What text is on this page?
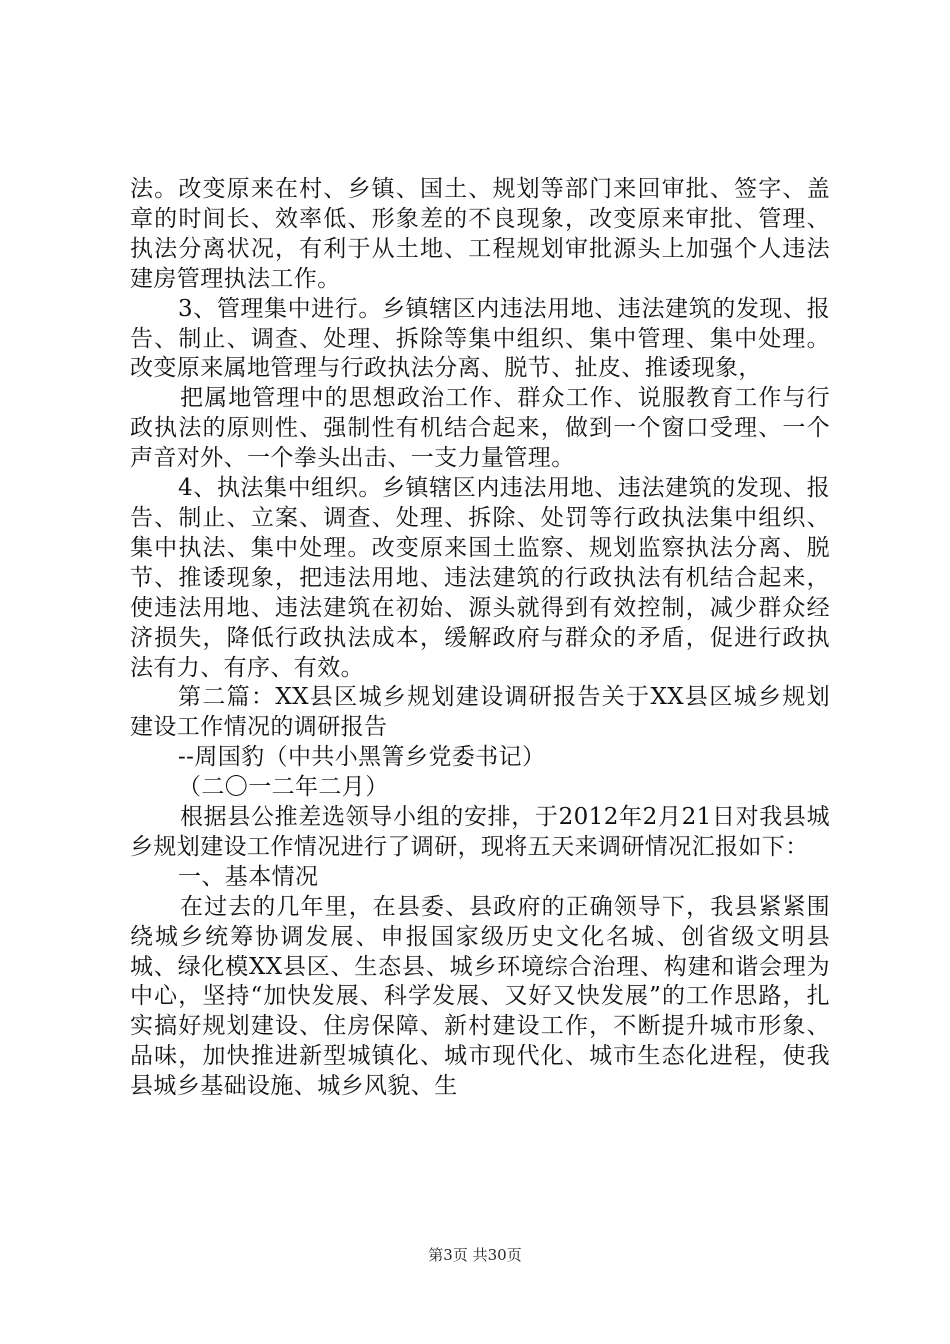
法。改变原来在村、乡镇、国土、规划等部门来回审批、签字、盖章的时间长、效率低、形象差的不良现象，改变原来审批、管理、执法分离状况，有利于从土地、工程规划审批源头上加强个人违法建房管理执法工作。

3、管理集中进行。乡镇辖区内违法用地、违法建筑的发现、报告、制止、调查、处理、拆除等集中组织、集中管理、集中处理。改变原来属地管理与行政执法分离、脱节、扯皮、推诿现象，

把属地管理中的思想政治工作、群众工作、说服教育工作与行政执法的原则性、强制性有机结合起来，做到一个窗口受理、一个声音对外、一个拳头出击、一支力量管理。

4、执法集中组织。乡镇辖区内违法用地、违法建筑的发现、报告、制止、立案、调查、处理、拆除、处罚等行政执法集中组织、集中执法、集中处理。改变原来国土监察、规划监察执法分离、脱节、推诿现象，把违法用地、违法建筑的行政执法有机结合起来，使违法用地、违法建筑在初始、源头就得到有效控制，减少群众经济损失，降低行政执法成本，缓解政府与群众的矛盾，促进行政执法有力、有序、有效。

第二篇：XX县区城乡规划建设调研报告关于XX县区城乡规划建设工作情况的调研报告

--周国豹（中共小黑箐乡党委书记）

（二〇一二年二月）

根据县公推差选领导小组的安排，于2012年2月21日对我县城乡规划建设工作情况进行了调研，现将五天来调研情况汇报如下：

一、基本情况

在过去的几年里，在县委、县政府的正确领导下，我县紧紧围绕城乡统筹协调发展、申报国家级历史文化名城、创省级文明县城、绿化模XX县区、生态县、城乡环境综合治理、构建和谐会理为中心，坚持“加快发展、科学发展、又好又快发展”的工作思路，扎实搞好规划建设、住房保障、新村建设工作，不断提升城市形象、品味，加快推进新型城镇化、城市现代化、城市生态化进程，使我县城乡基础设施、城乡风貌、生

第3页 共30页
